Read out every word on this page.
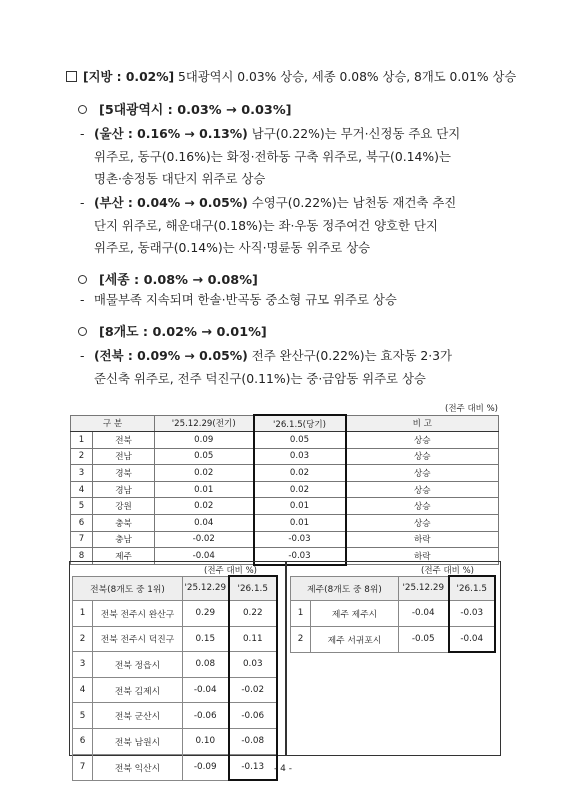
[지방 : 0.02%] 5대광역시 0.03% 상승, 세종 0.08% 상승, 8개도 0.01% 상승
[5대광역시 : 0.03% → 0.03%]
- (울산 : 0.16% → 0.13%) 남구(0.22%)는 무거·신정동 주요 단지
위주로, 동구(0.16%)는 화정·전하동 구축 위주로, 북구(0.14%)는
명촌·송정동 대단지 위주로 상승
- (부산 : 0.04% → 0.05%) 수영구(0.22%)는 남천동 재건축 추진
단지 위주로, 해운대구(0.18%)는 좌·우동 정주여건 양호한 단지
위주로, 동래구(0.14%)는 사직·명륜동 위주로 상승
[세종 : 0.08% → 0.08%]
- 매물부족 지속되며 한솔·반곡동 중소형 규모 위주로 상승
[8개도 : 0.02% → 0.01%]
- (전북 : 0.09% → 0.05%) 전주 완산구(0.22%)는 효자동 2·3가
준신축 위주로, 전주 덕진구(0.11%)는 중·금암동 위주로 상승
(전주 대비 %)
구 분		'25.12.29(전기)	'26.1.5(당기)	비 고
1	전북	0.09	0.05	상승
2	전남	0.05	0.03	상승
3	경북	0.02	0.02	상승
4	경남	0.01	0.02	상승
5	강원	0.02	0.01	상승
6	충북	0.04	0.01	상승
7	충남	-0.02	-0.03	하락
8	제주	-0.04	-0.03	하락
(전주 대비 %)	(전주 대비 %)
전북(8개도 중 1위)		'25.12.29	'26.1.5
1	전북 전주시 완산구	0.29	0.22
2	전북 전주시 덕진구	0.15	0.11
3	전북 정읍시	0.08	0.03
4	전북 김제시	-0.04	-0.02
5	전북 군산시	-0.06	-0.06
6	전북 남원시	0.10	-0.08
7	전북 익산시	-0.09	-0.13
제주(8개도 중 8위)		'25.12.29	'26.1.5
1	제주 제주시	-0.04	-0.03
2	제주 서귀포시	-0.05	-0.04
- 4 -
